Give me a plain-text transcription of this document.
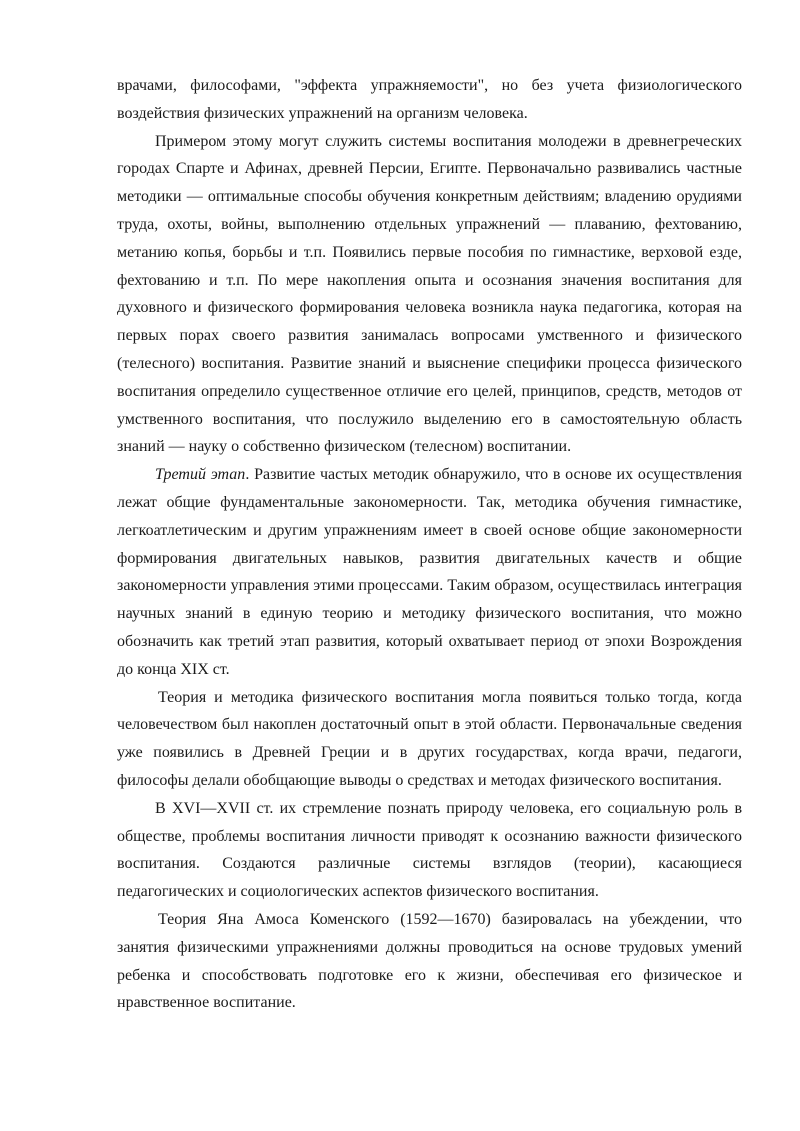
врачами, философами, "эффекта упражняемости", но без учета физиологического воздействия физических упражнений на организм человека.

Примером этому могут служить системы воспитания молодежи в древнегреческих городах Спарте и Афинах, древней Персии, Египте. Первоначально развивались частные методики — оптимальные способы обучения конкретным действиям; владению орудиями труда, охоты, войны, выполнению отдельных упражнений — плаванию, фехтованию, метанию копья, борьбы и т.п. Появились первые пособия по гимнастике, верховой езде, фехтованию и т.п. По мере накопления опыта и осознания значения воспитания для духовного и физического формирования человека возникла наука педагогика, которая на первых порах своего развития занималась вопросами умственного и физического (телесного) воспитания. Развитие знаний и выяснение специфики процесса физического воспитания определило существенное отличие его целей, принципов, средств, методов от умственного воспитания, что послужило выделению его в самостоятельную область знаний — науку о собственно физическом (телесном) воспитании.

Третий этап. Развитие частых методик обнаружило, что в основе их осуществления лежат общие фундаментальные закономерности. Так, методика обучения гимнастике, легкоатлетическим и другим упражнениям имеет в своей основе общие закономерности формирования двигательных навыков, развития двигательных качеств и общие закономерности управления этими процессами. Таким образом, осуществилась интеграция научных знаний в единую теорию и методику физического воспитания, что можно обозначить как третий этап развития, который охватывает период от эпохи Возрождения до конца XIX ст.

Теория и методика физического воспитания могла появиться только тогда, когда человечеством был накоплен достаточный опыт в этой области. Первоначальные сведения уже появились в Древней Греции и в других государствах, когда врачи, педагоги, философы делали обобщающие выводы о средствах и методах физического воспитания.

В XVI—XVII ст. их стремление познать природу человека, его социальную роль в обществе, проблемы воспитания личности приводят к осознанию важности физического воспитания. Создаются различные системы взглядов (теории), касающиеся педагогических и социологических аспектов физического воспитания.

Теория Яна Амоса Коменского (1592—1670) базировалась на убеждении, что занятия физическими упражнениями должны проводиться на основе трудовых умений ребенка и способствовать подготовке его к жизни, обеспечивая его физическое и нравственное воспитание.
